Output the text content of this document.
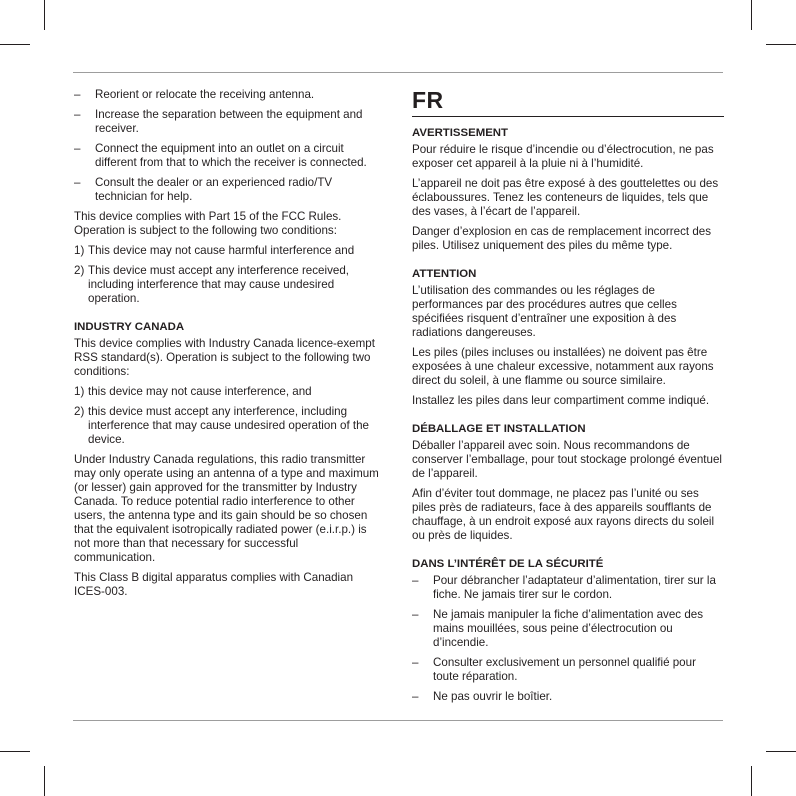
–	Reorient or relocate the receiving antenna.
–	Increase the separation between the equipment and receiver.
–	Connect the equipment into an outlet on a circuit different from that to which the receiver is connected.
–	Consult the dealer or an experienced radio/TV technician for help.

This device complies with Part 15 of the FCC Rules. Operation is subject to the following two conditions:

1) This device may not cause harmful interference and
2) This device must accept any interference received, including interference that may cause undesired operation.
INDUSTRY CANADA

This device complies with Industry Canada licence-exempt RSS standard(s). Operation is subject to the following two conditions:

1) this device may not cause interference, and
2) this device must accept any interference, including interference that may cause undesired operation of the device.

Under Industry Canada regulations, this radio transmitter may only operate using an antenna of a type and maximum (or lesser) gain approved for the transmitter by Industry Canada. To reduce potential radio interference to other users, the antenna type and its gain should be so chosen that the equivalent isotropically radiated power (e.i.r.p.) is not more than that necessary for successful communication.

This Class B digital apparatus complies with Canadian ICES-003.

FR
AVERTISSEMENT

Pour réduire le risque d’incendie ou d’électrocution, ne pas exposer cet appareil à la pluie ni à l’humidité.

L’appareil ne doit pas être exposé à des gouttelettes ou des éclaboussures. Tenez les conteneurs de liquides, tels que des vases, à l’écart de l’appareil.

Danger d’explosion en cas de remplacement incorrect des piles. Utilisez uniquement des piles du même type.

ATTENTION

L’utilisation des commandes ou les réglages de performances par des procédures autres que celles spécifiées risquent d’entraîner une exposition à des radiations dangereuses.

Les piles (piles incluses ou installées) ne doivent pas être exposées à une chaleur excessive, notamment aux rayons direct du soleil, à une flamme ou source similaire.

Installez les piles dans leur compartiment comme indiqué.

DÉBALLAGE ET INSTALLATION

Déballer l’appareil avec soin. Nous recommandons de conserver l’emballage, pour tout stockage prolongé éventuel de l’appareil.

Afin d’éviter tout dommage, ne placez pas l’unité ou ses piles près de radiateurs, face à des appareils soufflants de chauffage, à un endroit exposé aux rayons directs du soleil ou près de liquides.

DANS L’INTÉRÊT DE LA SÉCURITÉ
–	Pour débrancher l’adaptateur d’alimentation, tirer sur la fiche. Ne jamais tirer sur le cordon.
–	Ne jamais manipuler la fiche d’alimentation avec des mains mouillées, sous peine d’électrocution ou d’incendie.
–	Consulter exclusivement un personnel qualifié pour toute réparation.
–	Ne pas ouvrir le boîtier.
